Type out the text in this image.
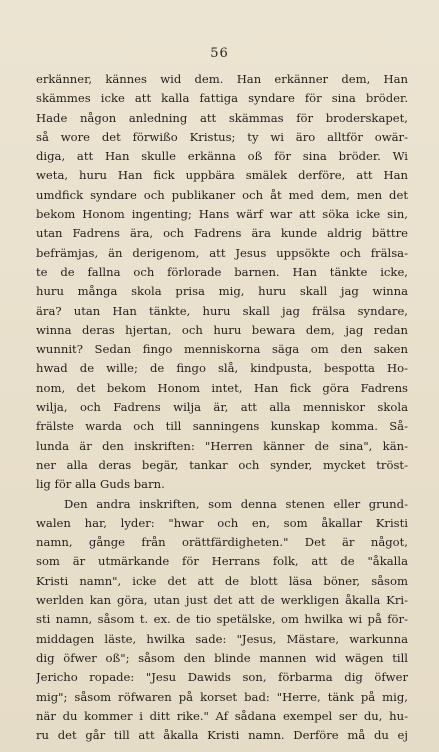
56
erkänner, kännes wid dem. Han erkänner dem, Han
skämmes icke att kalla fattiga syndare för sina bröder.
Hade någon anledning att skämmas för broderskapet,
så wore det förwißo Kristus; ty wi äro alltför owär-
diga, att Han skulle erkänna oß för sina bröder. Wi
weta, huru Han fick uppbära smälek derföre, att Han
umdfick syndare och publikaner och åt med dem, men det
bekom Honom ingenting; Hans wärf war att söka icke sin,
utan Fadrens ära, och Fadrens ära kunde aldrig bättre
befrämjas, än derigenom, att Jesus uppsökte och frälsa-
te de fallna och förlorade barnen. Han tänkte icke,
huru många skola prisa mig, huru skall jag winna
ära? utan Han tänkte, huru skall jag frälsa syndare,
winna deras hjertan, och huru bewara dem, jag redan
wunnit? Sedan fingo menniskorna säga om den saken
hwad de wille; de fingo slå, kindpusta, bespotta Ho-
nom, det bekom Honom intet, Han fick göra Fadrens
wilja, och Fadrens wilja är, att alla menniskor skola
frälste warda och till sanningens kunskap komma. Så-
lunda är den inskriften: "Herren känner de sina", kän-
ner alla deras begär, tankar och synder, mycket tröst-
lig för alla Guds barn.
Den andra inskriften, som denna stenen eller grund-
walen har, lyder: "hwar och en, som åkallar Kristi
namn, gånge från orättfärdigheten." Det är något,
som är utmärkande för Herrans folk, att de "åkalla
Kristi namn", icke det att de blott läsa böner, såsom
werlden kan göra, utan just det att de werkligen åkalla Kri-
sti namn, såsom t. ex. de tio spetälske, om hwilka wi på för-
middagen läste, hwilka sade: "Jesus, Mästare, warkunna
dig öfwer oß"; såsom den blinde mannen wid wägen till
Jericho ropade: "Jesu Dawids son, förbarma dig öfwer
mig"; såsom röfwaren på korset bad: "Herre, tänk på mig,
när du kommer i ditt rike." Af sådana exempel ser du, hu-
ru det går till att åkalla Kristi namn. Derföre må du ej
